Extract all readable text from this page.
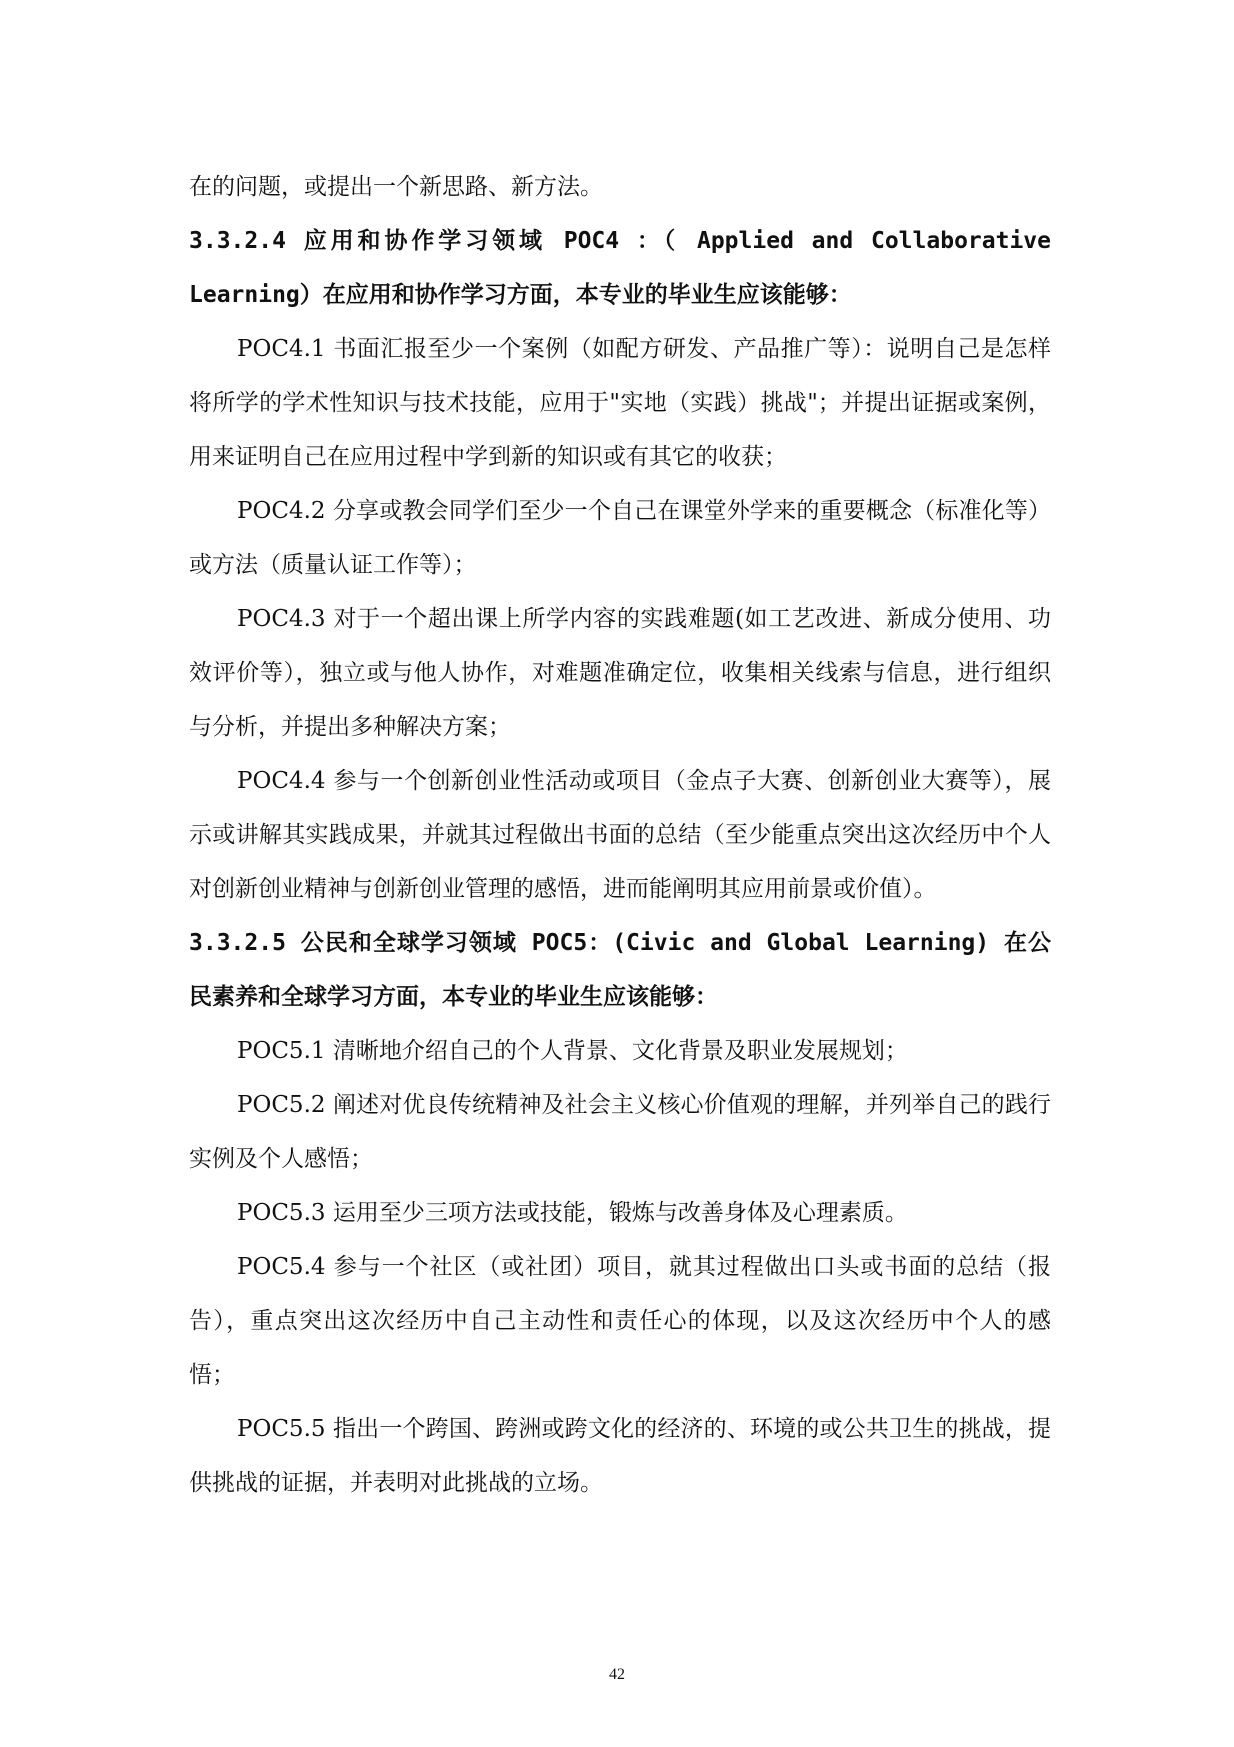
在的问题，或提出一个新思路、新方法。

3.3.2.4 应用和协作学习领域 POC4 ：（ Applied and Collaborative Learning）在应用和协作学习方面，本专业的毕业生应该能够：

POC4.1 书面汇报至少一个案例（如配方研发、产品推广等）：说明自己是怎样将所学的学术性知识与技术技能，应用于"实地（实践）挑战"；并提出证据或案例，用来证明自己在应用过程中学到新的知识或有其它的收获；

POC4.2 分享或教会同学们至少一个自己在课堂外学来的重要概念（标准化等）或方法（质量认证工作等）；

POC4.3 对于一个超出课上所学内容的实践难题(如工艺改进、新成分使用、功效评价等），独立或与他人协作，对难题准确定位，收集相关线索与信息，进行组织与分析，并提出多种解决方案；

POC4.4 参与一个创新创业性活动或项目（金点子大赛、创新创业大赛等），展示或讲解其实践成果，并就其过程做出书面的总结（至少能重点突出这次经历中个人对创新创业精神与创新创业管理的感悟，进而能阐明其应用前景或价值）。

3.3.2.5 公民和全球学习领域 POC5：(Civic and Global Learning) 在公民素养和全球学习方面，本专业的毕业生应该能够：

POC5.1 清晰地介绍自己的个人背景、文化背景及职业发展规划；

POC5.2 阐述对优良传统精神及社会主义核心价值观的理解，并列举自己的践行实例及个人感悟；

POC5.3 运用至少三项方法或技能，锻炼与改善身体及心理素质。

POC5.4 参与一个社区（或社团）项目，就其过程做出口头或书面的总结（报告），重点突出这次经历中自己主动性和责任心的体现，以及这次经历中个人的感悟；

POC5.5 指出一个跨国、跨洲或跨文化的经济的、环境的或公共卫生的挑战，提供挑战的证据，并表明对此挑战的立场。

42
